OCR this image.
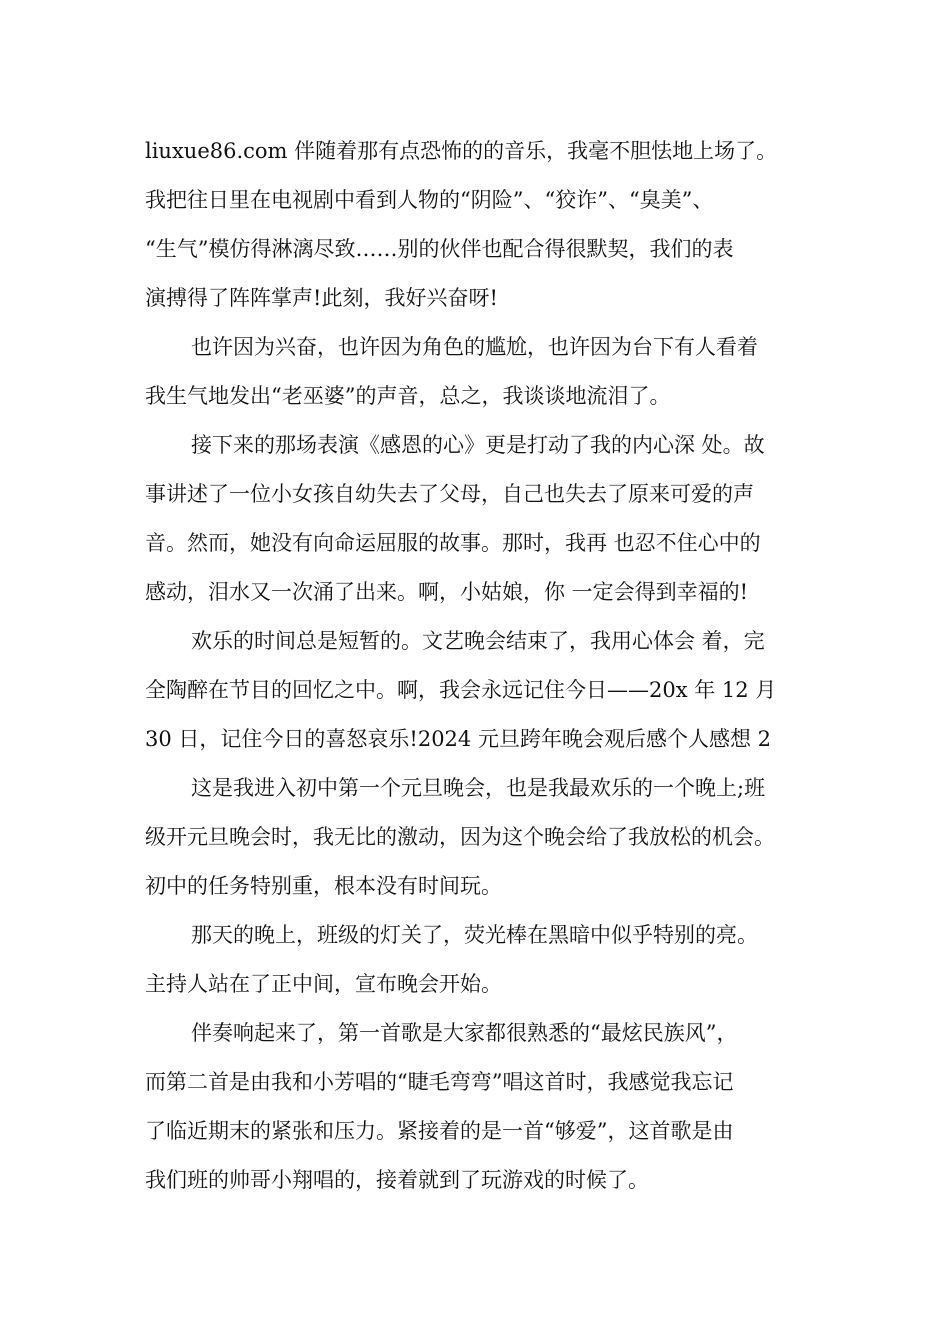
liuxue86.com 伴随着那有点恐怖的的音乐，我毫不胆怯地上场了。
我把往日里在电视剧中看到人物的“阴险”、“狡诈”、“臭美”、
“生气”模仿得淋漓尽致……别的伙伴也配合得很默契，我们的表
演搏得了阵阵掌声!此刻，我好兴奋呀!
也许因为兴奋，也许因为角色的尴尬，也许因为台下有人看着
我生气地发出“老巫婆”的声音，总之，我谈谈地流泪了。
接下来的那场表演《感恩的心》更是打动了我的内心深 处。故
事讲述了一位小女孩自幼失去了父母，自己也失去了原来可爱的声
音。然而，她没有向命运屈服的故事。那时，我再 也忍不住心中的
感动，泪水又一次涌了出来。啊，小姑娘，你 一定会得到幸福的!
欢乐的时间总是短暂的。文艺晚会结束了，我用心体会 着，完
全陶醉在节目的回忆之中。啊，我会永远记住今日——20x 年 12 月
30 日，记住今日的喜怒哀乐!2024 元旦跨年晚会观后感个人感想 2
这是我进入初中第一个元旦晚会，也是我最欢乐的一个晚上;班
级开元旦晚会时，我无比的激动，因为这个晚会给了我放松的机会。
初中的任务特别重，根本没有时间玩。
那天的晚上，班级的灯关了，荧光棒在黑暗中似乎特别的亮。
主持人站在了正中间，宣布晚会开始。
伴奏响起来了，第一首歌是大家都很熟悉的“最炫民族风”，
而第二首是由我和小芳唱的“睫毛弯弯”唱这首时，我感觉我忘记
了临近期末的紧张和压力。紧接着的是一首“够爱”，这首歌是由
我们班的帅哥小翔唱的，接着就到了玩游戏的时候了。
